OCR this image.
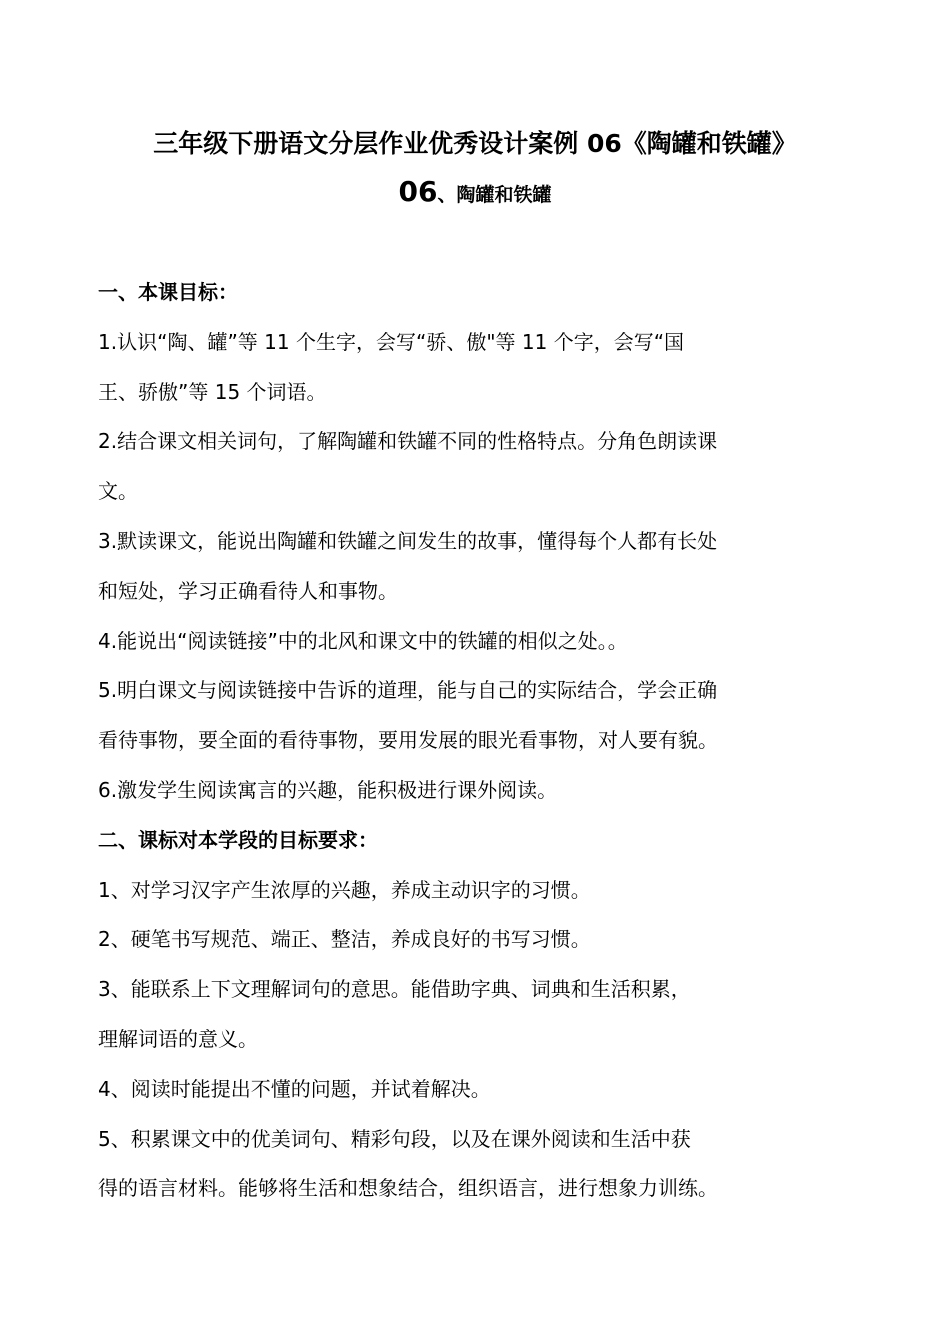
三年级下册语文分层作业优秀设计案例 06《陶罐和铁罐》
06、陶罐和铁罐
一、本课目标：
1.认识“陶、罐”等 11 个生字，会写“骄、傲"等 11 个字，会写“国
王、骄傲”等 15 个词语。
2.结合课文相关词句，了解陶罐和铁罐不同的性格特点。分角色朗读课
文。
3.默读课文，能说出陶罐和铁罐之间发生的故事，懂得每个人都有长处
和短处，学习正确看待人和事物。
4.能说出“阅读链接”中的北风和课文中的铁罐的相似之处。。
5.明白课文与阅读链接中告诉的道理，能与自己的实际结合，学会正确
看待事物，要全面的看待事物，要用发展的眼光看事物，对人要有貌。
6.激发学生阅读寓言的兴趣，能积极进行课外阅读。
二、课标对本学段的目标要求：
1、对学习汉字产生浓厚的兴趣，养成主动识字的习惯。
2、硬笔书写规范、端正、整洁，养成良好的书写习惯。
3、能联系上下文理解词句的意思。能借助字典、词典和生活积累，
理解词语的意义。
4、阅读时能提出不懂的问题，并试着解决。
5、积累课文中的优美词句、精彩句段，以及在课外阅读和生活中获
得的语言材料。能够将生活和想象结合，组织语言，进行想象力训练。
